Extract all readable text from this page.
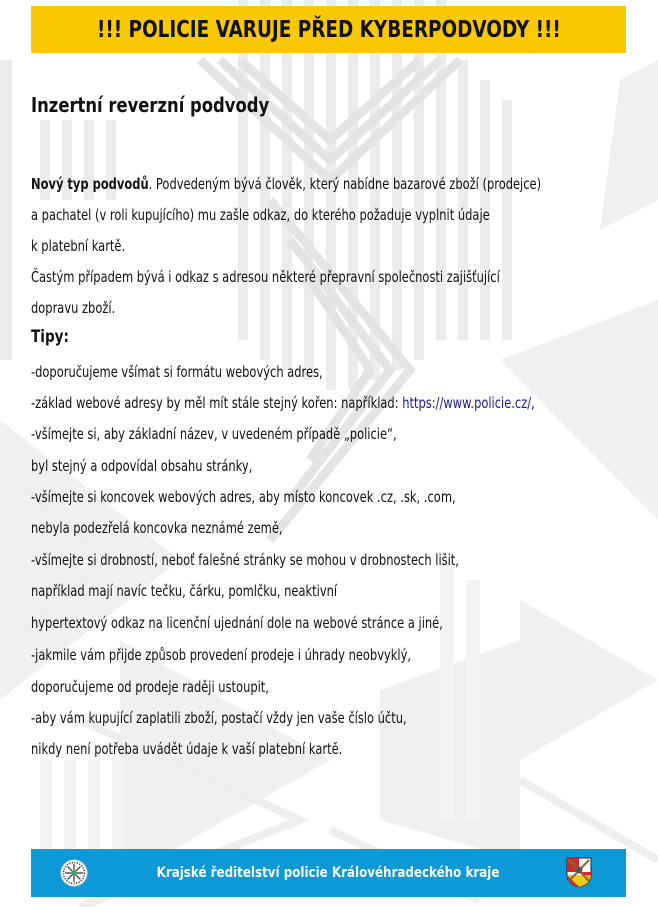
!!! POLICIE VARUJE PŘED KYBERPODVODY !!!
Inzertní reverzní podvody
Nový typ podvodů. Podvedeným bývá člověk, který nabídne bazarové zboží (prodejce)
a pachatel (v roli kupujícího) mu zašle odkaz, do kterého požaduje vyplnit údaje
k platební kartě.
Častým případem bývá i odkaz s adresou některé přepravní společnosti zajišťující
dopravu zboží.
Tipy:
-doporučujeme všímat si formátu webových adres,
-základ webové adresy by měl mít stále stejný kořen: například: https://www.policie.cz/,
-všímejte si, aby základní název, v uvedeném případě „policie“,
byl stejný a odpovídal obsahu stránky,
-všímejte si koncovek webových adres, aby místo koncovek .cz, .sk, .com,
nebyla podezřelá koncovka neznámé země,
-všímejte si drobností, neboť falešné stránky se mohou v drobnostech lišit,
například mají navíc tečku, čárku, pomlčku, neaktivní
hypertextový odkaz na licenční ujednání dole na webové stránce a jiné,
-jakmile vám přijde způsob provedení prodeje i úhrady neobvyklý,
doporučujeme od prodeje raději ustoupit,
-aby vám kupující zaplatili zboží, postačí vždy jen vaše číslo účtu,
nikdy není potřeba uvádět údaje k vaší platební kartě.
Krajské ředitelství policie Královéhradeckého kraje
